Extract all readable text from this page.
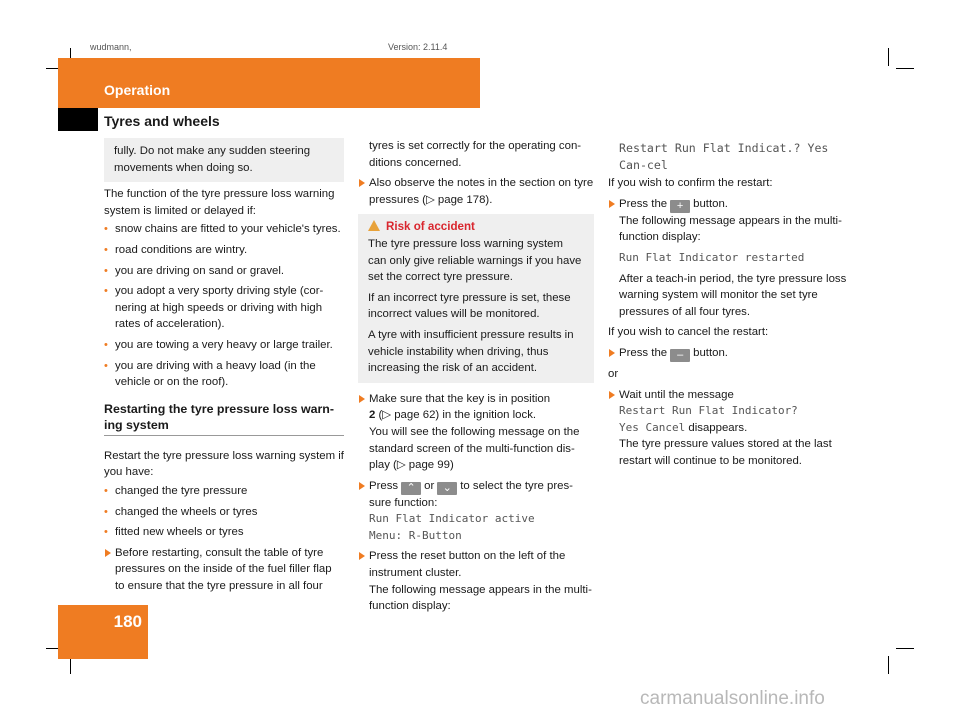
wudmann,	Version: 2.11.4
Operation
Tyres and wheels

fully. Do not make any sudden steering movements when doing so.

The function of the tyre pressure loss warning system is limited or delayed if:

• snow chains are fitted to your vehicle's tyres.

• road conditions are wintry.

• you are driving on sand or gravel.

• you adopt a very sporty driving style (cor-nering at high speeds or driving with high rates of acceleration).

• you are towing a very heavy or large trailer.

• you are driving with a heavy load (in the vehicle or on the roof).

Restarting the tyre pressure loss warn-ing system

Restart the tyre pressure loss warning system if you have:

• changed the tyre pressure

• changed the wheels or tyres

• fitted new wheels or tyres

Before restarting, consult the table of tyre pressures on the inside of the fuel filler flap to ensure that the tyre pressure in all four

tyres is set correctly for the operating con-ditions concerned.

Also observe the notes in the section on tyre pressures (▷ page 178).

Risk of accident

The tyre pressure loss warning system can only give reliable warnings if you have set the correct tyre pressure.

If an incorrect tyre pressure is set, these incorrect values will be monitored.

A tyre with insufficient pressure results in vehicle instability when driving, thus increasing the risk of an accident.

Make sure that the key is in position
2 (▷ page 62) in the ignition lock.

You will see the following message on the standard screen of the multi-function dis-play (▷ page 99)

Press ⌃ or ⌄ to select the tyre pres-sure function:

Run Flat Indicator active

Menu: R-Button

Press the reset button on the left of the instrument cluster.

The following message appears in the multi-function display:

Restart Run Flat Indicat.? Yes Can-cel

If you wish to confirm the restart:

Press the + button.

The following message appears in the multi-function display:

Run Flat Indicator restarted

After a teach-in period, the tyre pressure loss warning system will monitor the set tyre pressures of all four tyres.

If you wish to cancel the restart:

Press the – button.

or

Wait until the message

Restart Run Flat Indicator?

Yes Cancel disappears.

The tyre pressure values stored at the last restart will continue to be monitored.

180
carmanualsonline.info
